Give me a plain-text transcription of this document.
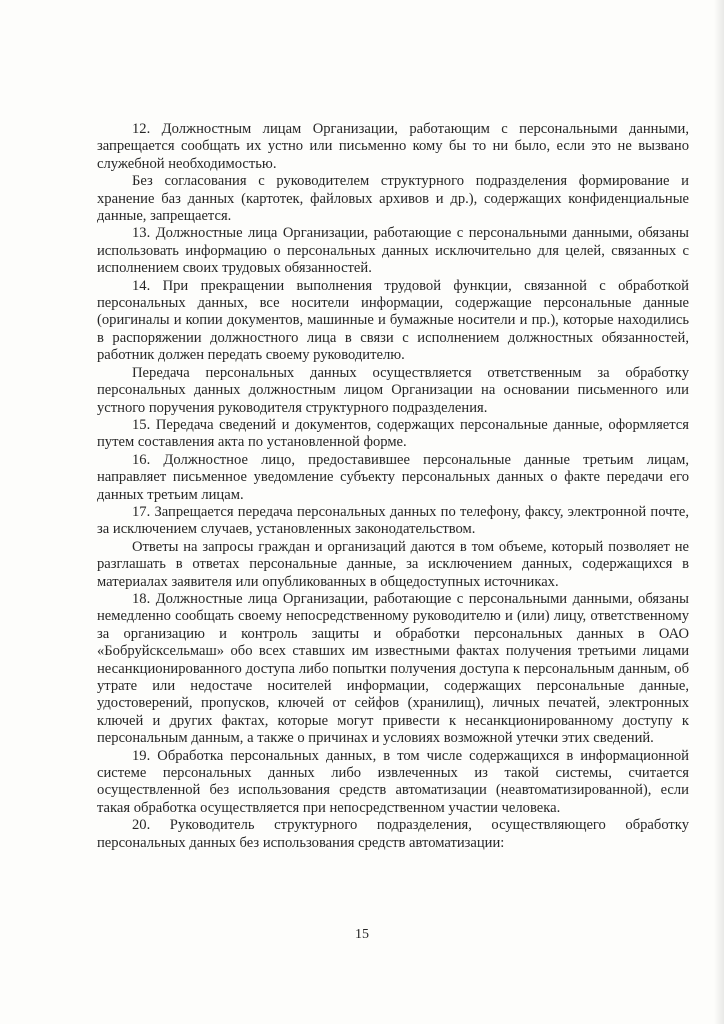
12. Должностным лицам Организации, работающим с персональными данными, запрещается сообщать их устно или письменно кому бы то ни было, если это не вызвано служебной необходимостью.

Без согласования с руководителем структурного подразделения формирование и хранение баз данных (картотек, файловых архивов и др.), содержащих конфиденциальные данные, запрещается.

13. Должностные лица Организации, работающие с персональными данными, обязаны использовать информацию о персональных данных исключительно для целей, связанных с исполнением своих трудовых обязанностей.

14. При прекращении выполнения трудовой функции, связанной с обработкой персональных данных, все носители информации, содержащие персональные данные (оригиналы и копии документов, машинные и бумажные носители и пр.), которые находились в распоряжении должностного лица в связи с исполнением должностных обязанностей, работник должен передать своему руководителю.

Передача персональных данных осуществляется ответственным за обработку персональных данных должностным лицом Организации на основании письменного или устного поручения руководителя структурного подразделения.

15. Передача сведений и документов, содержащих персональные данные, оформляется путем составления акта по установленной форме.

16. Должностное лицо, предоставившее персональные данные третьим лицам, направляет письменное уведомление субъекту персональных данных о факте передачи его данных третьим лицам.

17. Запрещается передача персональных данных по телефону, факсу, электронной почте, за исключением случаев, установленных законодательством.

Ответы на запросы граждан и организаций даются в том объеме, который позволяет не разглашать в ответах персональные данные, за исключением данных, содержащихся в материалах заявителя или опубликованных в общедоступных источниках.

18. Должностные лица Организации, работающие с персональными данными, обязаны немедленно сообщать своему непосредственному руководителю и (или) лицу, ответственному за организацию и контроль защиты и обработки персональных данных в ОАО «Бобруйсксельмаш» обо всех ставших им известными фактах получения третьими лицами несанкционированного доступа либо попытки получения доступа к персональным данным, об утрате или недостаче носителей информации, содержащих персональные данные, удостоверений, пропусков, ключей от сейфов (хранилищ), личных печатей, электронных ключей и других фактах, которые могут привести к несанкционированному доступу к персональным данным, а также о причинах и условиях возможной утечки этих сведений.

19. Обработка персональных данных, в том числе содержащихся в информационной системе персональных данных либо извлеченных из такой системы, считается осуществленной без использования средств автоматизации (неавтоматизированной), если такая обработка осуществляется при непосредственном участии человека.

20. Руководитель структурного подразделения, осуществляющего обработку персональных данных без использования средств автоматизации:

15
